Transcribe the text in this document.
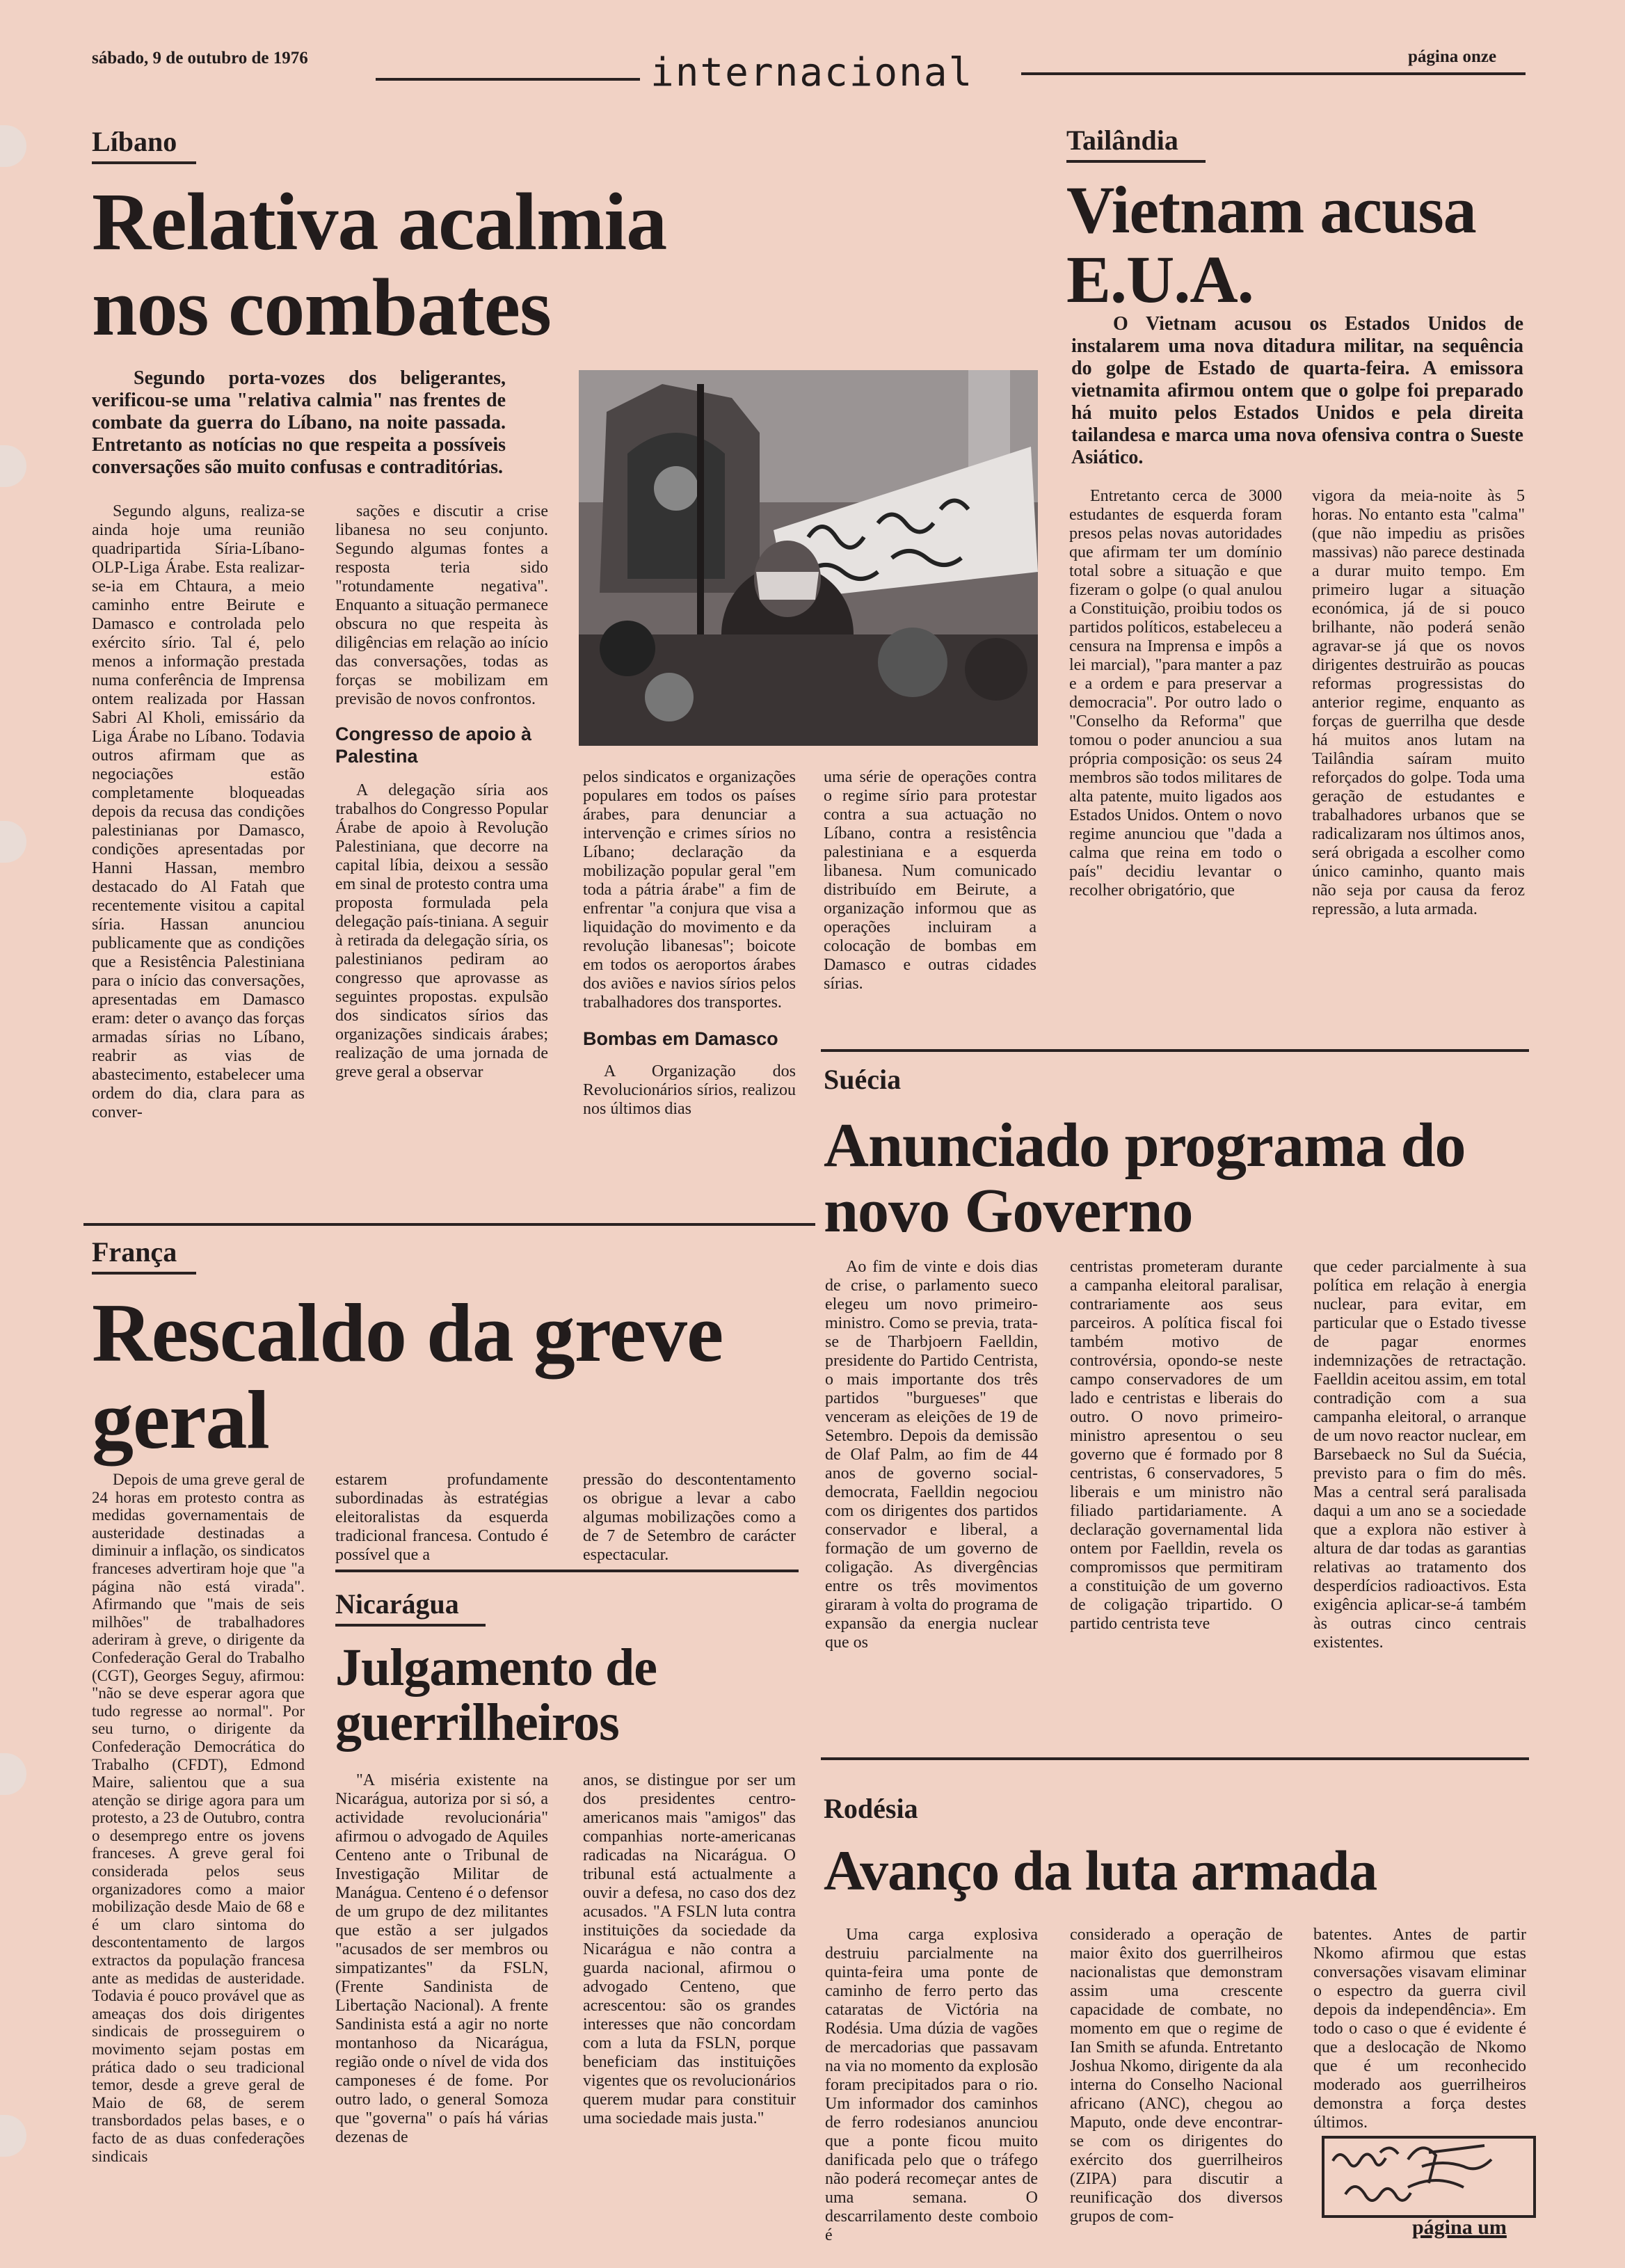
sábado, 9 de outubro de 1976	internacional	página onze
Líbano
Relativa acalmia nos combates
Segundo porta-vozes dos beligerantes, verificou-se uma "relativa calmia" nas frentes de combate da guerra do Líbano, na noite passada. Entretanto as notícias no que respeita a possíveis conversações são muito confusas e contraditórias.
Segundo alguns, realiza-se ainda hoje uma reunião quadripartida Síria-Líbano-OLP-Liga Árabe. Esta realizar-se-ia em Chtaura, a meio caminho entre Beirute e Damasco e controlada pelo exército sírio. Tal é, pelo menos a informação prestada numa conferência de Imprensa ontem realizada por Hassan Sabri Al Kholi, emissário da Liga Árabe no Líbano. Todavia outros afirmam que as negociações estão completamente bloqueadas depois da recusa das condições palestinianas por Damasco, condições apresentadas por Hanni Hassan, membro destacado do Al Fatah que recentemente visitou a capital síria. Hassan anunciou publicamente que as condições que a Resistência Palestiniana para o início das conversações, apresentadas em Damasco eram: deter o avanço das forças armadas sírias no Líbano, reabrir as vias de abastecimento, estabelecer uma ordem do dia, clara para as conver-
sações e discutir a crise libanesa no seu conjunto. Segundo algumas fontes a resposta teria sido "rotundamente negativa". Enquanto a situação permanece obscura no que respeita às diligências em relação ao início das conversações, todas as forças se mobilizam em previsão de novos confrontos.
Congresso de apoio à Palestina
A delegação síria aos trabalhos do Congresso Popular Árabe de apoio à Revolução Palestiniana, que decorre na capital líbia, deixou a sessão em sinal de protesto contra uma proposta formulada pela delegação país-tiniana. A seguir à retirada da delegação síria, os palestinianos pediram ao congresso que aprovasse as seguintes propostas. expulsão dos sindicatos sírios das organizações sindicais árabes; realização de uma jornada de greve geral a observar
pelos sindicatos e organizações populares em todos os países árabes, para denunciar a intervenção e crimes sírios no Líbano; declaração da mobilização popular geral "em toda a pátria árabe" a fim de enfrentar "a conjura que visa a liquidação do movimento e da revolução libanesas"; boicote em todos os aeroportos árabes dos aviões e navios sírios pelos trabalhadores dos transportes.
Bombas em Damasco
A Organização dos Revolucionários sírios, realizou nos últimos dias
uma série de operações contra o regime sírio para protestar contra a sua actuação no Líbano, contra a resistência palestiniana e a esquerda libanesa. Num comunicado distribuído em Beirute, a organização informou que as operações incluiram a colocação de bombas em Damasco e outras cidades sírias.
Tailândia
Vietnam acusa E.U.A.
O Vietnam acusou os Estados Unidos de instalarem uma nova ditadura militar, na sequência do golpe de Estado de quarta-feira. A emissora vietnamita afirmou ontem que o golpe foi preparado há muito pelos Estados Unidos e pela direita tailandesa e marca uma nova ofensiva contra o Sueste Asiático.
Entretanto cerca de 3000 estudantes de esquerda foram presos pelas novas autoridades que afirmam ter um domínio total sobre a situação e que fizeram o golpe (o qual anulou a Constituição, proibiu todos os partidos políticos, estabeleceu a censura na Imprensa e impôs a lei marcial), "para manter a paz e a ordem e para preservar a democracia". Por outro lado o "Conselho da Reforma" que tomou o poder anunciou a sua própria composição: os seus 24 membros são todos militares de alta patente, muito ligados aos Estados Unidos. Ontem o novo regime anunciou que "dada a calma que reina em todo o país" decidiu levantar o recolher obrigatório, que
vigora da meia-noite às 5 horas. No entanto esta "calma" (que não impediu as prisões massivas) não parece destinada a durar muito tempo. Em primeiro lugar a situação económica, já de si pouco brilhante, não poderá senão agravar-se já que os novos dirigentes destruirão as poucas reformas progressistas do anterior regime, enquanto as forças de guerrilha que desde há muitos anos lutam na Tailândia saíram muito reforçados do golpe. Toda uma geração de estudantes e trabalhadores urbanos que se radicalizaram nos últimos anos, será obrigada a escolher como único caminho, quanto mais não seja por causa da feroz repressão, a luta armada.
Suécia
Anunciado programa do novo Governo
Ao fim de vinte e dois dias de crise, o parlamento sueco elegeu um novo primeiro-ministro. Como se previa, trata-se de Tharbjoern Faelldin, presidente do Partido Centrista, o mais importante dos três partidos "burgueses" que venceram as eleições de 19 de Setembro. Depois da demissão de Olaf Palm, ao fim de 44 anos de governo social-democrata, Faelldin negociou com os dirigentes dos partidos conservador e liberal, a formação de um governo de coligação. As divergências entre os três movimentos giraram à volta do programa de expansão da energia nuclear que os
centristas prometeram durante a campanha eleitoral paralisar, contrariamente aos seus parceiros. A política fiscal foi também motivo de controvérsia, opondo-se neste campo conservadores de um lado e centristas e liberais do outro. O novo primeiro-ministro apresentou o seu governo que é formado por 8 centristas, 6 conservadores, 5 liberais e um ministro não filiado partidariamente. A declaração governamental lida ontem por Faelldin, revela os compromissos que permitiram a constituição de um governo de coligação tripartido. O partido centrista teve
que ceder parcialmente à sua política em relação à energia nuclear, para evitar, em particular que o Estado tivesse de pagar enormes indemnizações de retractação. Faelldin aceitou assim, em total contradição com a sua campanha eleitoral, o arranque de um novo reactor nuclear, em Barsebaeck no Sul da Suécia, previsto para o fim do mês. Mas a central será paralisada daqui a um ano se a sociedade que a explora não estiver à altura de dar todas as garantias relativas ao tratamento dos desperdícios radioactivos. Esta exigência aplicar-se-á também às outras cinco centrais existentes.
França
Rescaldo da greve geral
Depois de uma greve geral de 24 horas em protesto contra as medidas governamentais de austeridade destinadas a diminuir a inflação, os sindicatos franceses advertiram hoje que "a página não está virada". Afirmando que "mais de seis milhões" de trabalhadores aderiram à greve, o dirigente da Confederação Geral do Trabalho (CGT), Georges Seguy, afirmou: "não se deve esperar agora que tudo regresse ao normal". Por seu turno, o dirigente da Confederação Democrática do Trabalho (CFDT), Edmond Maire, salientou que a sua atenção se dirige agora para um protesto, a 23 de Outubro, contra o desemprego entre os jovens franceses. A greve geral foi considerada pelos seus organizadores como a maior mobilização desde Maio de 68 e é um claro sintoma do descontentamento de largos extractos da população francesa ante as medidas de austeridade. Todavia é pouco provável que as ameaças dos dois dirigentes sindicais de prosseguirem o movimento sejam postas em prática dado o seu tradicional temor, desde a greve geral de Maio de 68, de serem transbordados pelas bases, e o facto de as duas confederações sindicais
estarem profundamente subordinadas às estratégias eleitoralistas da esquerda tradicional francesa. Contudo é possível que a
pressão do descontentamento os obrigue a levar a cabo algumas mobilizações como a de 7 de Setembro de carácter espectacular.
Nicarágua
Julgamento de guerrilheiros
"A miséria existente na Nicarágua, autoriza por si só, a actividade revolucionária" afirmou o advogado de Aquiles Centeno ante o Tribunal de Investigação Militar de Manágua. Centeno é o defensor de um grupo de dez militantes que estão a ser julgados "acusados de ser membros ou simpatizantes" da FSLN, (Frente Sandinista de Libertação Nacional). A frente Sandinista está a agir no norte montanhoso da Nicarágua, região onde o nível de vida dos camponeses é de fome. Por outro lado, o general Somoza que "governa" o país há várias dezenas de
anos, se distingue por ser um dos presidentes centro-americanos mais "amigos" das companhias norte-americanas radicadas na Nicarágua. O tribunal está actualmente a ouvir a defesa, no caso dos dez acusados. "A FSLN luta contra instituições da sociedade da Nicarágua e não contra a guarda nacional, afirmou o advogado Centeno, que acrescentou: são os grandes interesses que não concordam com a luta da FSLN, porque beneficiam das instituições vigentes que os revolucionários querem mudar para constituir uma sociedade mais justa."
Rodésia
Avanço da luta armada
Uma carga explosiva destruiu parcialmente na quinta-feira uma ponte de caminho de ferro perto das cataratas de Victória na Rodésia. Uma dúzia de vagões de mercadorias que passavam na via no momento da explosão foram precipitados para o rio. Um informador dos caminhos de ferro rodesianos anunciou que a ponte ficou muito danificada pelo que o tráfego não poderá recomeçar antes de uma semana. O descarrilamento deste comboio é
considerado a operação de maior êxito dos guerrilheiros nacionalistas que demonstram assim uma crescente capacidade de combate, no momento em que o regime de Ian Smith se afunda. Entretanto Joshua Nkomo, dirigente da ala interna do Conselho Nacional africano (ANC), chegou ao Maputo, onde deve encontrar-se com os dirigentes do exército dos guerrilheiros (ZIPA) para discutir a reunificação dos diversos grupos de com-
batentes. Antes de partir Nkomo afirmou que estas conversações visavam eliminar o espectro da guerra civil depois da independência». Em todo o caso o que é evidente é que a deslocação de Nkomo que é um reconhecido moderado aos guerrilheiros demonstra a força destes últimos.
página um
